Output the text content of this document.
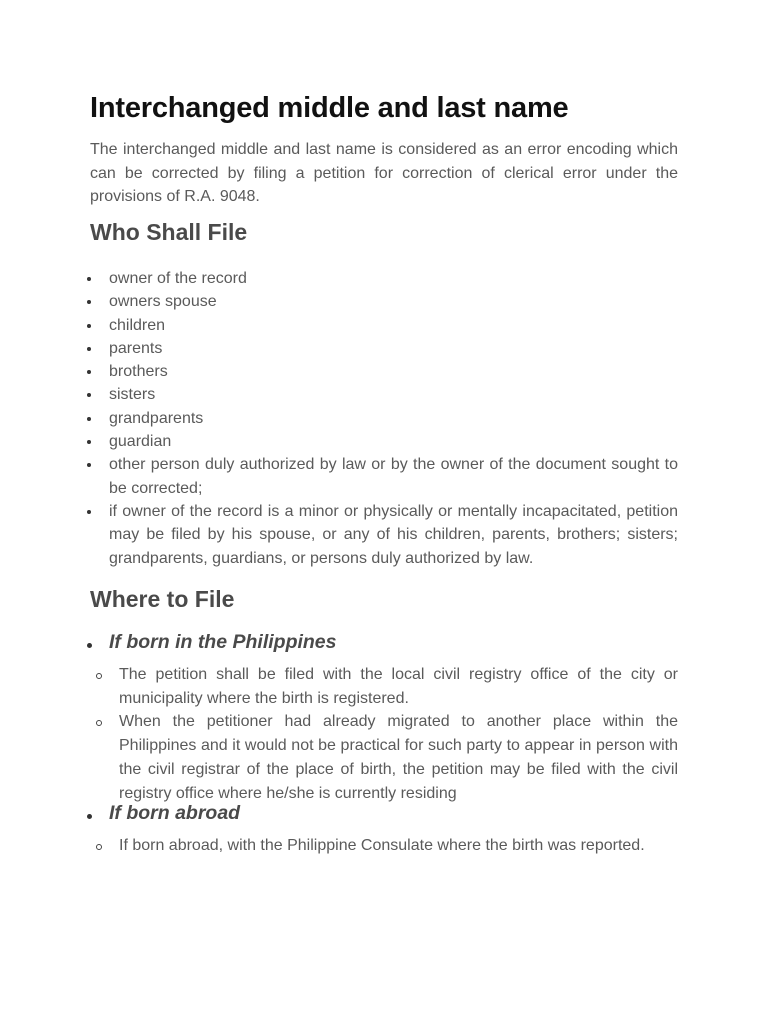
Interchanged middle and last name

The interchanged middle and last name is considered as an error encoding which can be corrected by filing a petition for correction of clerical error under the provisions of R.A. 9048.

Who Shall File
owner of the record
owners spouse
children
parents
brothers
sisters
grandparents
guardian
other person duly authorized by law or by the owner of the document sought to be corrected;
if owner of the record is a minor or physically or mentally incapacitated, petition may be filed by his spouse, or any of his children, parents, brothers; sisters; grandparents, guardians, or persons duly authorized by law.
Where to File
If born in the Philippines
The petition shall be filed with the local civil registry office of the city or municipality where the birth is registered.
When the petitioner had already migrated to another place within the Philippines and it would not be practical for such party to appear in person with the civil registrar of the place of birth, the petition may be filed with the civil registry office where he/she is currently residing
If born abroad
If born abroad, with the Philippine Consulate where the birth was reported.
